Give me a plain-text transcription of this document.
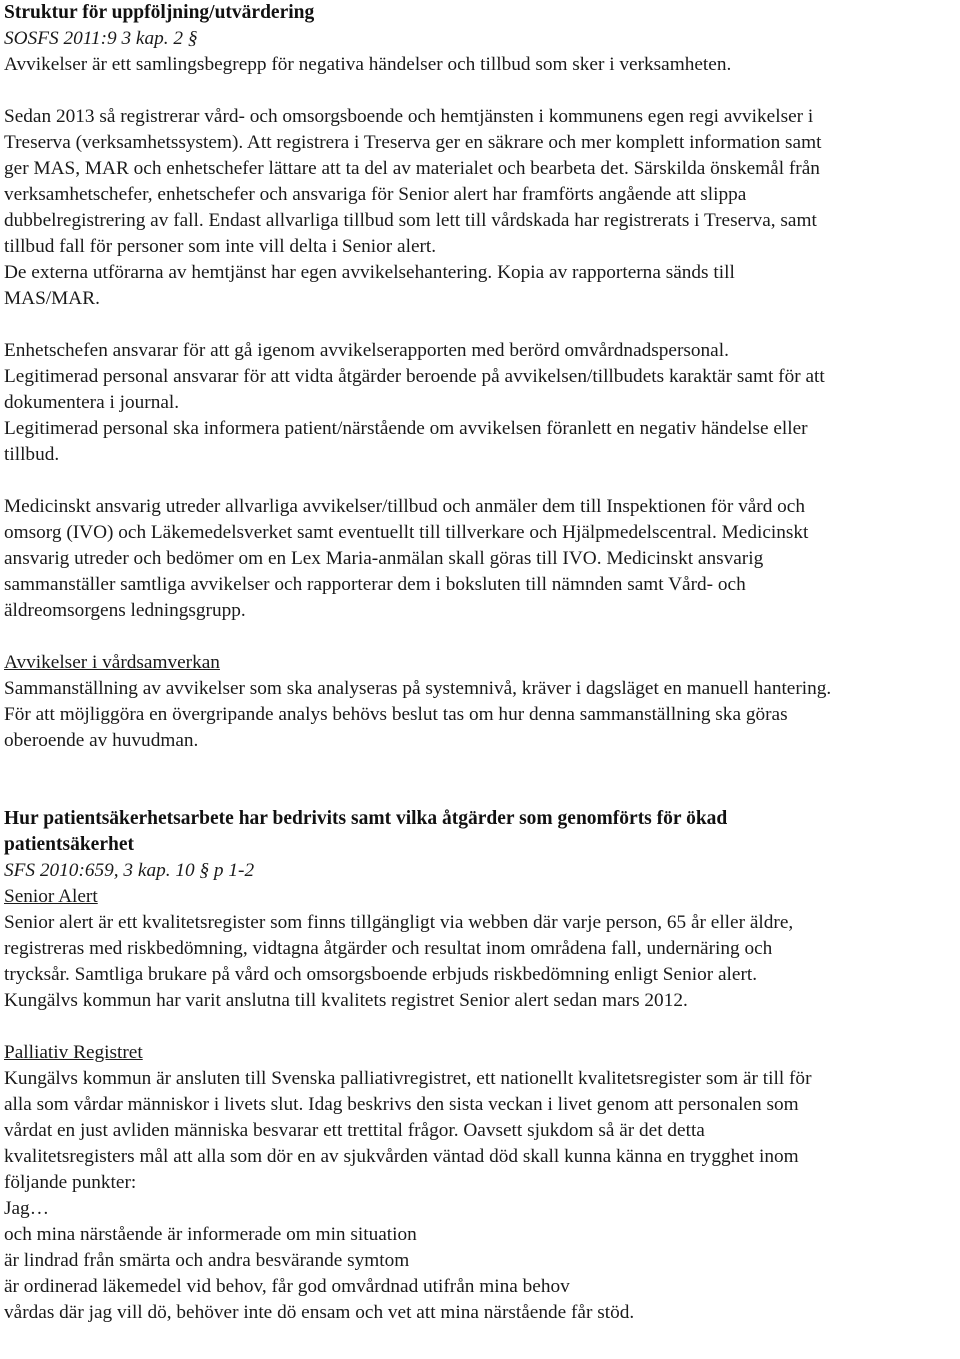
Struktur för uppföljning/utvärdering
SOSFS 2011:9 3 kap. 2 §
Avvikelser är ett samlingsbegrepp för negativa händelser och tillbud som sker i verksamheten.
Sedan 2013 så registrerar vård- och omsorgsboende och hemtjänsten i kommunens egen regi avvikelser i
Treserva (verksamhetssystem). Att registrera i Treserva ger en säkrare och mer komplett information samt
ger MAS, MAR och enhetschefer lättare att ta del av materialet och bearbeta det. Särskilda önskemål från
verksamhetschefer, enhetschefer och ansvariga för Senior alert har framförts angående att slippa
dubbelregistrering av fall. Endast allvarliga tillbud som lett till vårdskada har registrerats i Treserva, samt
tillbud fall för personer som inte vill delta i Senior alert.
De externa utförarna av hemtjänst har egen avvikelsehantering. Kopia av rapporterna sänds till
MAS/MAR.
Enhetschefen ansvarar för att gå igenom avvikelserapporten med berörd omvårdnadspersonal.
Legitimerad personal ansvarar för att vidta åtgärder beroende på avvikelsen/tillbudets karaktär samt för att
dokumentera i journal.
Legitimerad personal ska informera patient/närstående om avvikelsen föranlett en negativ händelse eller
tillbud.
Medicinskt ansvarig utreder allvarliga avvikelser/tillbud och anmäler dem till Inspektionen för vård och
omsorg (IVO) och Läkemedelsverket samt eventuellt till tillverkare och Hjälpmedelscentral. Medicinskt
ansvarig utreder och bedömer om en Lex Maria-anmälan skall göras till IVO. Medicinskt ansvarig
sammanställer samtliga avvikelser och rapporterar dem i boksluten till nämnden samt Vård- och
äldreomsorgens ledningsgrupp.
Avvikelser i vårdsamverkan
Sammanställning av avvikelser som ska analyseras på systemnivå, kräver i dagsläget en manuell hantering.
För att möjliggöra en övergripande analys behövs beslut tas om hur denna sammanställning ska göras
oberoende av huvudman.
Hur patientsäkerhetsarbete har bedrivits samt vilka åtgärder som genomförts för ökad
patientsäkerhet
SFS 2010:659, 3 kap. 10 § p 1-2
Senior Alert
Senior alert är ett kvalitetsregister som finns tillgängligt via webben där varje person, 65 år eller äldre,
registreras med riskbedömning, vidtagna åtgärder och resultat inom områdena fall, undernäring och
trycksår. Samtliga brukare på vård och omsorgsboende erbjuds riskbedömning enligt Senior alert.
Kungälvs kommun har varit anslutna till kvalitets registret Senior alert sedan mars 2012.
Palliativ Registret
Kungälvs kommun är ansluten till Svenska palliativregistret, ett nationellt kvalitetsregister som är till för
alla som vårdar människor i livets slut. Idag beskrivs den sista veckan i livet genom att personalen som
vårdat en just avliden människa besvarar ett trettital frågor. Oavsett sjukdom så är det detta
kvalitetsregisters mål att alla som dör en av sjukvården väntad död skall kunna känna en trygghet inom
följande punkter:
Jag…
och mina närstående är informerade om min situation
är lindrad från smärta och andra besvärande symtom
är ordinerad läkemedel vid behov, får god omvårdnad utifrån mina behov
vårdas där jag vill dö, behöver inte dö ensam och vet att mina närstående får stöd.
